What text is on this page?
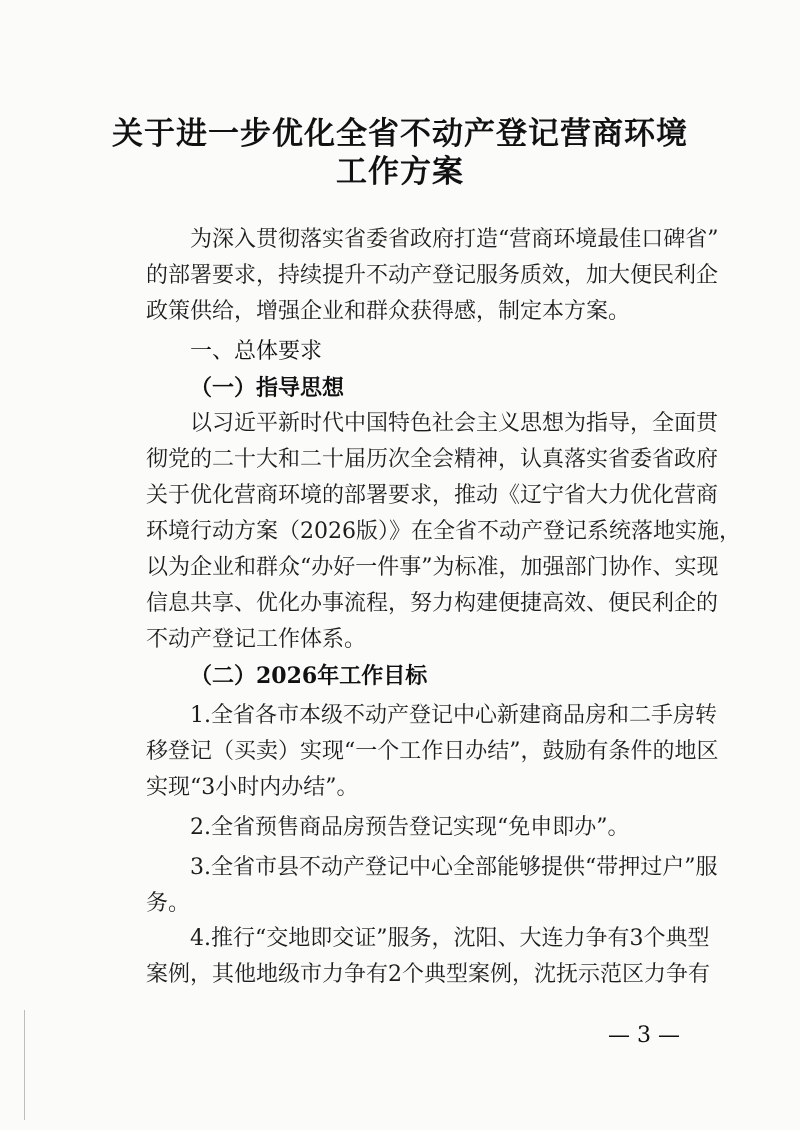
关于进一步优化全省不动产登记营商环境
工作方案
为深入贯彻落实省委省政府打造“营商环境最佳口碑省”
的部署要求，持续提升不动产登记服务质效，加大便民利企
政策供给，增强企业和群众获得感，制定本方案。
一、总体要求
（一）指导思想
以习近平新时代中国特色社会主义思想为指导，全面贯
彻党的二十大和二十届历次全会精神，认真落实省委省政府
关于优化营商环境的部署要求，推动《辽宁省大力优化营商
环境行动方案（2026版）》在全省不动产登记系统落地实施，
以为企业和群众“办好一件事”为标准，加强部门协作、实现
信息共享、优化办事流程，努力构建便捷高效、便民利企的
不动产登记工作体系。
（二）2026年工作目标
1.全省各市本级不动产登记中心新建商品房和二手房转
移登记（买卖）实现“一个工作日办结”，鼓励有条件的地区
实现“3小时内办结”。
2.全省预售商品房预告登记实现“免申即办”。
3.全省市县不动产登记中心全部能够提供“带押过户”服
务。
4.推行“交地即交证”服务，沈阳、大连力争有3个典型
案例，其他地级市力争有2个典型案例，沈抚示范区力争有
— 3 —
